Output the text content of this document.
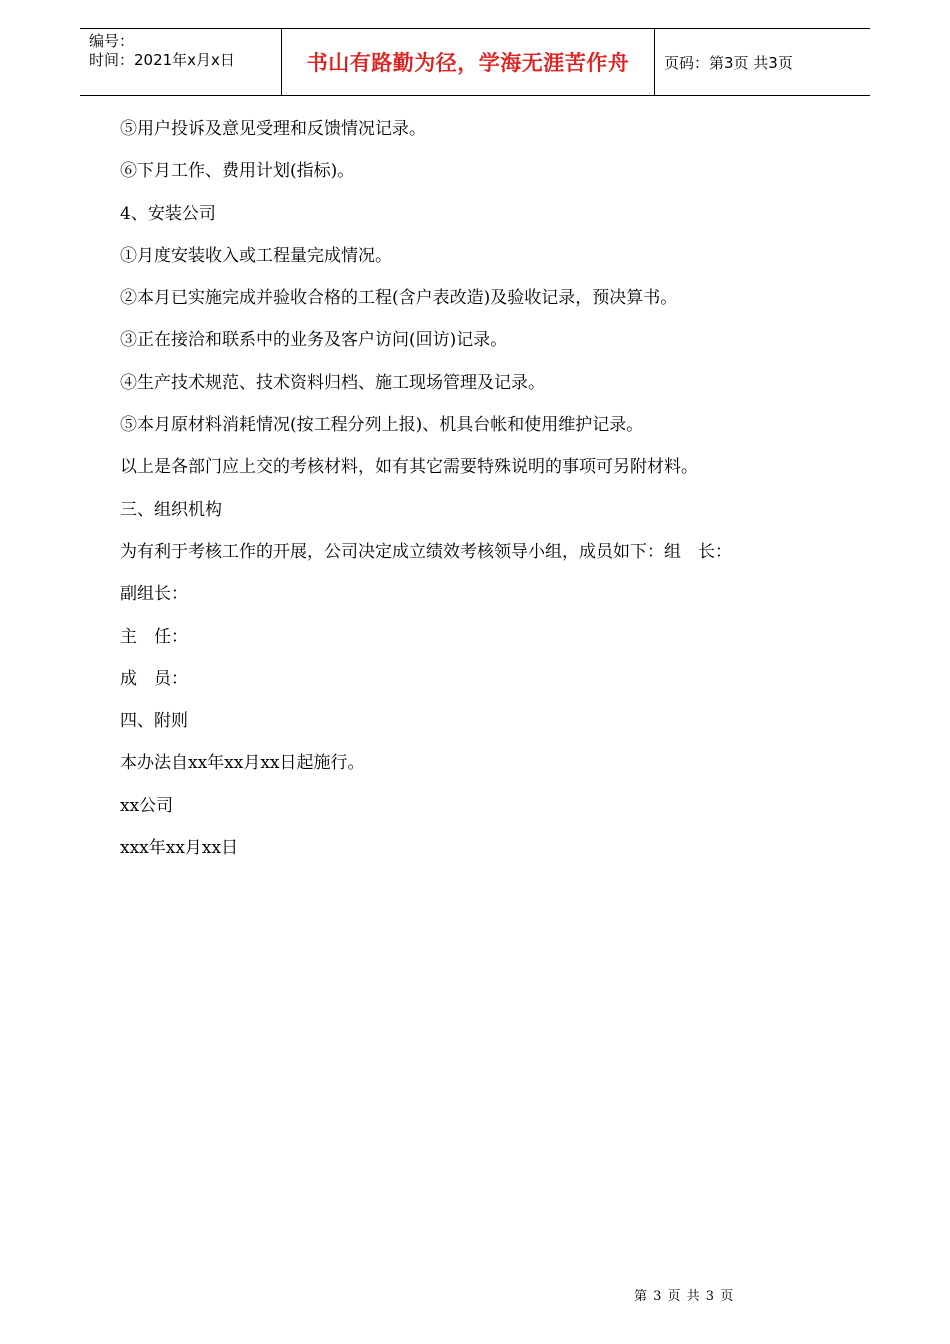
编号：
时间：2021年x月x日	书山有路勤为径，学海无涯苦作舟	页码：第3页 共3页
⑤用户投诉及意见受理和反馈情况记录。
⑥下月工作、费用计划(指标)。
4、安装公司
①月度安装收入或工程量完成情况。
②本月已实施完成并验收合格的工程(含户表改造)及验收记录，预决算书。
③正在接洽和联系中的业务及客户访问(回访)记录。
④生产技术规范、技术资料归档、施工现场管理及记录。
⑤本月原材料消耗情况(按工程分列上报)、机具台帐和使用维护记录。
以上是各部门应上交的考核材料，如有其它需要特殊说明的事项可另附材料。
三、组织机构
为有利于考核工作的开展，公司决定成立绩效考核领导小组，成员如下：组　长：
副组长：
主　任：
成　员：
四、附则
本办法自xx年xx月xx日起施行。
xx公司
xxx年xx月xx日
第 3 页 共 3 页
